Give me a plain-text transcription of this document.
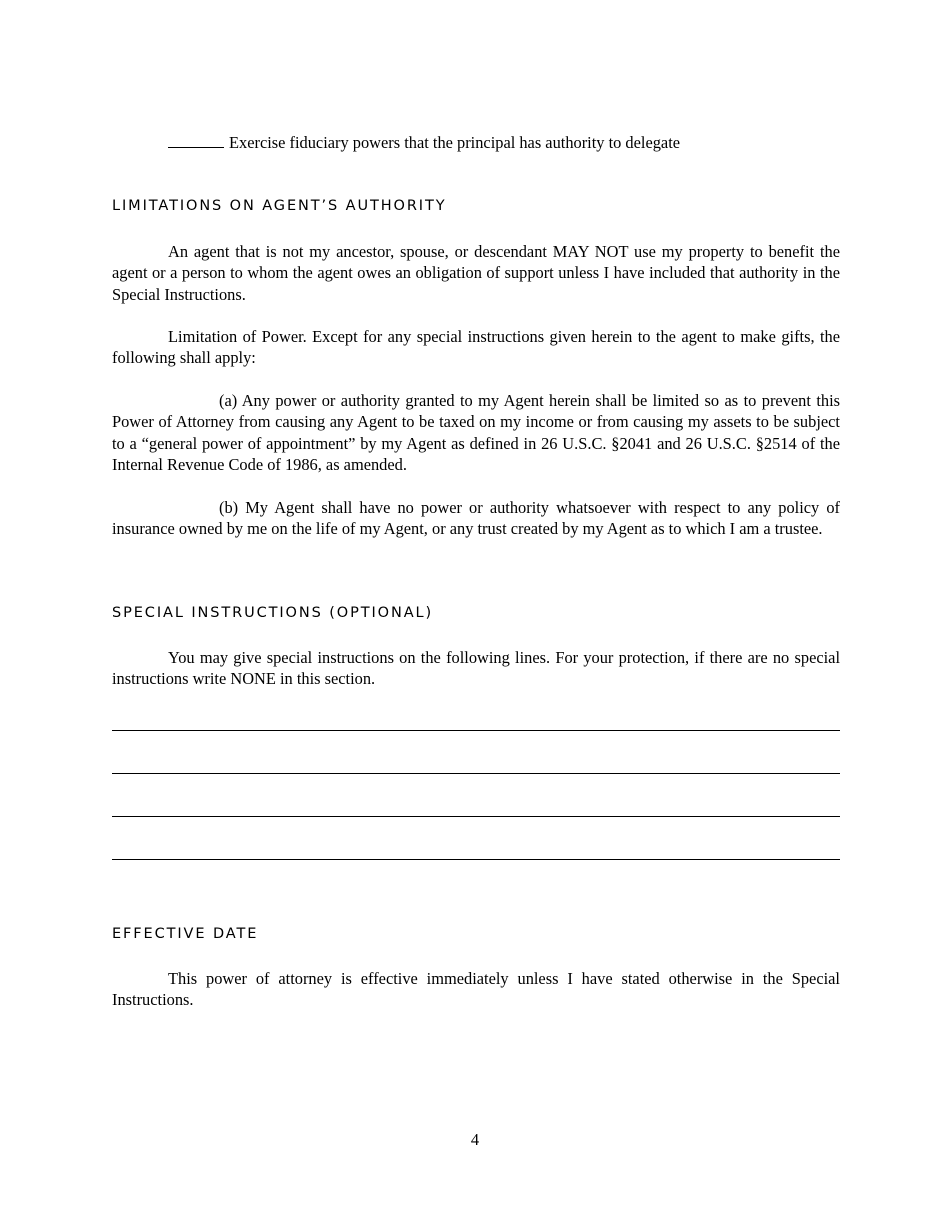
Exercise fiduciary powers that the principal has authority to delegate

LIMITATIONS ON AGENT’S AUTHORITY

An agent that is not my ancestor, spouse, or descendant MAY NOT use my property to benefit the agent or a person to whom the agent owes an obligation of support unless I have included that authority in the Special Instructions.

Limitation of Power. Except for any special instructions given herein to the agent to make gifts, the following shall apply:

(a) Any power or authority granted to my Agent herein shall be limited so as to prevent this Power of Attorney from causing any Agent to be taxed on my income or from causing my assets to be subject to a “general power of appointment” by my Agent as defined in 26 U.S.C. §2041 and 26 U.S.C. §2514 of the Internal Revenue Code of 1986, as amended.

(b) My Agent shall have no power or authority whatsoever with respect to any policy of insurance owned by me on the life of my Agent, or any trust created by my Agent as to which I am a trustee.

SPECIAL INSTRUCTIONS (OPTIONAL)

You may give special instructions on the following lines. For your protection, if there are no special instructions write NONE in this section.

EFFECTIVE DATE

This power of attorney is effective immediately unless I have stated otherwise in the Special Instructions.

4
